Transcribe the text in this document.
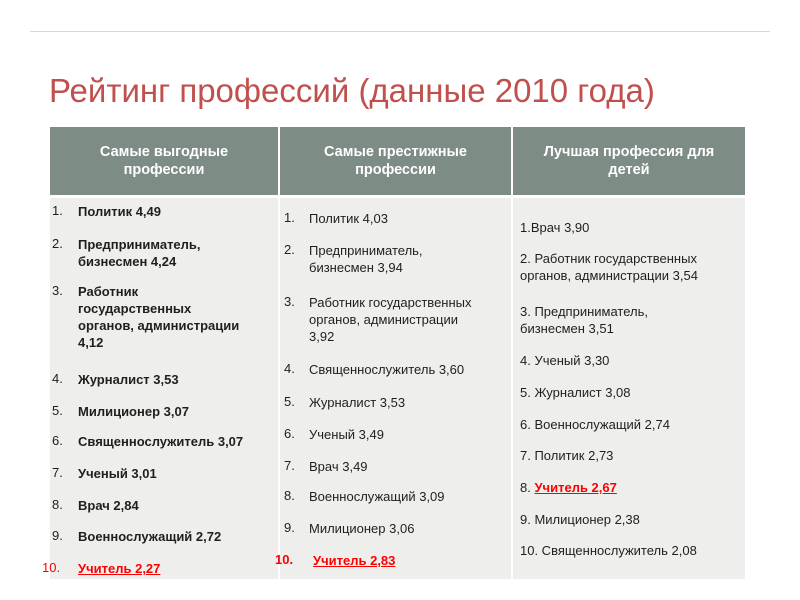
Рейтинг профессий (данные 2010 года)
Самые выгодные
профессии
Самые престижные
профессии
Лучшая профессия для
детей
1. Политик 4,49
2. Предприниматель,
бизнесмен 4,24
3. Работник
государственных
органов, администрации
4,12
4. Журналист 3,53
5. Милиционер 3,07
6. Священнослужитель 3,07
7. Ученый 3,01
8. Врач 2,84
9. Военнослужащий 2,72
10. Учитель 2,27
1. Политик 4,03
2. Предприниматель,
бизнесмен 3,94
3. Работник государственных
органов, администрации
3,92
4. Священнослужитель 3,60
5. Журналист 3,53
6. Ученый 3,49
7. Врач 3,49
8. Военнослужащий 3,09
9. Милиционер 3,06
10. Учитель 2,83
1.Врач 3,90
2. Работник государственных
органов, администрации 3,54
3. Предприниматель,
бизнесмен 3,51
4. Ученый 3,30
5. Журналист 3,08
6. Военнослужащий 2,74
7. Политик 2,73
8. Учитель 2,67
9. Милиционер 2,38
10. Священнослужитель 2,08
